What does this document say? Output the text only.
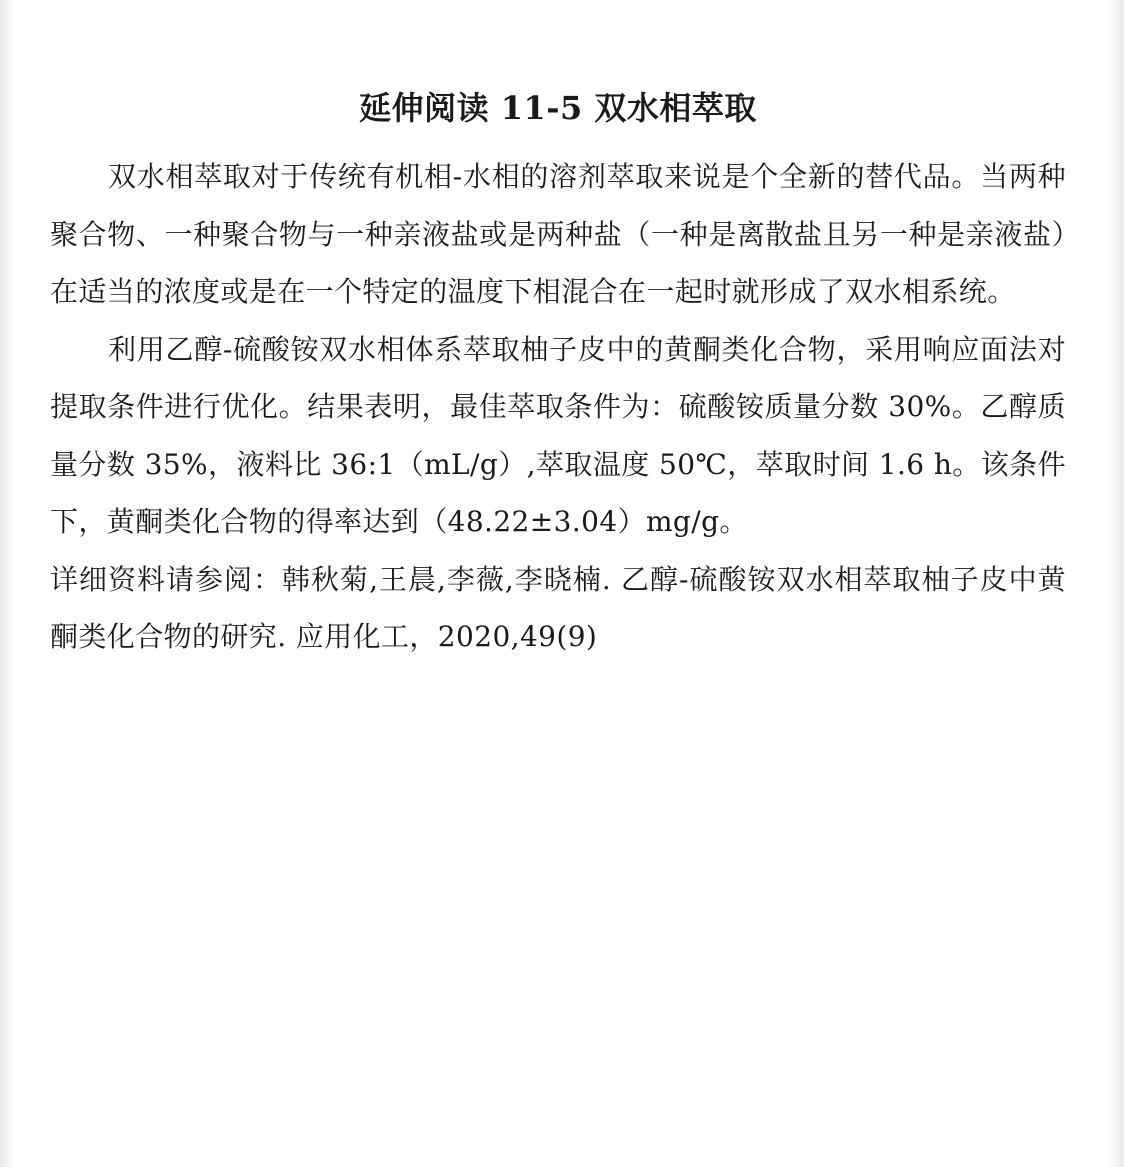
延伸阅读 11-5 双水相萃取

双水相萃取对于传统有机相-水相的溶剂萃取来说是个全新的替代品。当两种聚合物、一种聚合物与一种亲液盐或是两种盐（一种是离散盐且另一种是亲液盐）在适当的浓度或是在一个特定的温度下相混合在一起时就形成了双水相系统。

利用乙醇-硫酸铵双水相体系萃取柚子皮中的黄酮类化合物，采用响应面法对提取条件进行优化。结果表明，最佳萃取条件为：硫酸铵质量分数 30%。乙醇质量分数 35%，液料比 36:1（mL/g）,萃取温度 50℃，萃取时间 1.6 h。该条件下，黄酮类化合物的得率达到（48.22±3.04）mg/g。

详细资料请参阅：韩秋菊,王晨,李薇,李晓楠. 乙醇-硫酸铵双水相萃取柚子皮中黄酮类化合物的研究. 应用化工，2020,49(9)
